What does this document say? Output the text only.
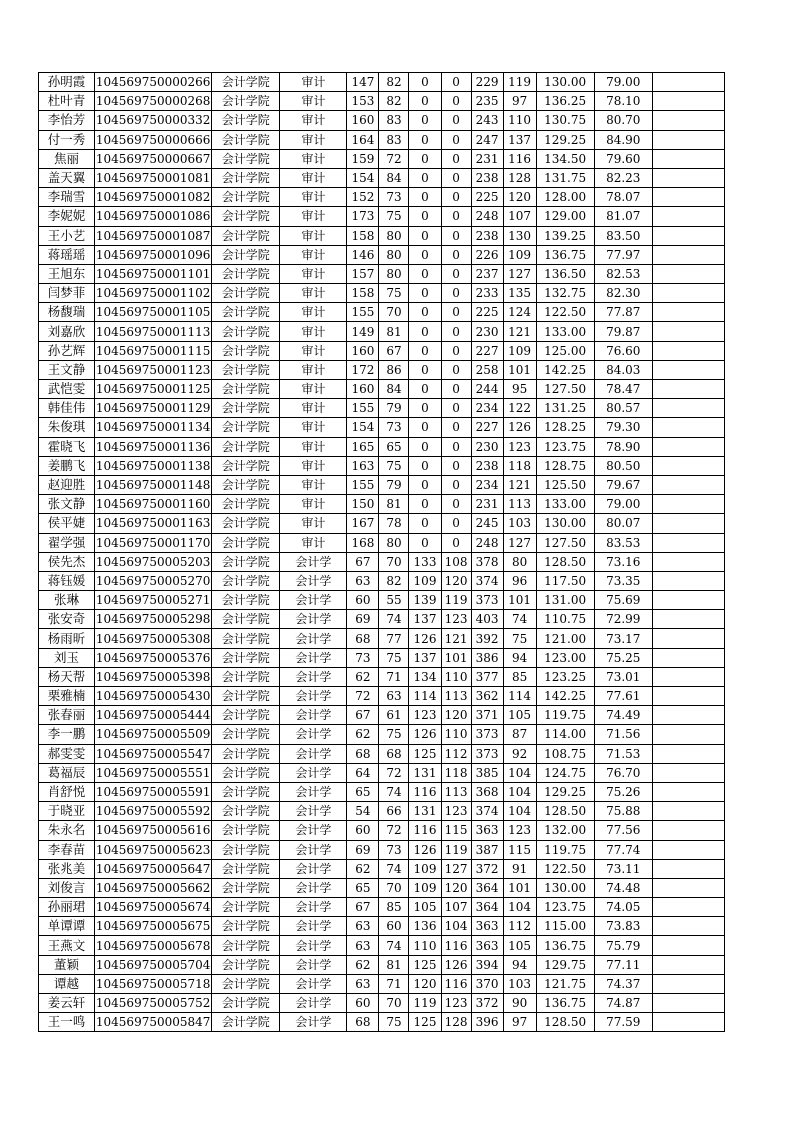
孙明霞	104569750000266	会计学院	审计	147	82	0	0	229	119	130.00	79.00	
杜叶青	104569750000268	会计学院	审计	153	82	0	0	235	97	136.25	78.10	
李怡芳	104569750000332	会计学院	审计	160	83	0	0	243	110	130.75	80.70	
付一秀	104569750000666	会计学院	审计	164	83	0	0	247	137	129.25	84.90	
焦丽	104569750000667	会计学院	审计	159	72	0	0	231	116	134.50	79.60	
盖天翼	104569750001081	会计学院	审计	154	84	0	0	238	128	131.75	82.23	
李瑞雪	104569750001082	会计学院	审计	152	73	0	0	225	120	128.00	78.07	
李妮妮	104569750001086	会计学院	审计	173	75	0	0	248	107	129.00	81.07	
王小艺	104569750001087	会计学院	审计	158	80	0	0	238	130	139.25	83.50	
蒋瑶瑶	104569750001096	会计学院	审计	146	80	0	0	226	109	136.75	77.97	
王旭东	104569750001101	会计学院	审计	157	80	0	0	237	127	136.50	82.53	
闫梦菲	104569750001102	会计学院	审计	158	75	0	0	233	135	132.75	82.30	
杨馥瑞	104569750001105	会计学院	审计	155	70	0	0	225	124	122.50	77.87	
刘嘉欣	104569750001113	会计学院	审计	149	81	0	0	230	121	133.00	79.87	
孙艺辉	104569750001115	会计学院	审计	160	67	0	0	227	109	125.00	76.60	
王文静	104569750001123	会计学院	审计	172	86	0	0	258	101	142.25	84.03	
武恺雯	104569750001125	会计学院	审计	160	84	0	0	244	95	127.50	78.47	
韩佳伟	104569750001129	会计学院	审计	155	79	0	0	234	122	131.25	80.57	
朱俊琪	104569750001134	会计学院	审计	154	73	0	0	227	126	128.25	79.30	
霍晓飞	104569750001136	会计学院	审计	165	65	0	0	230	123	123.75	78.90	
姜鹏飞	104569750001138	会计学院	审计	163	75	0	0	238	118	128.75	80.50	
赵迎胜	104569750001148	会计学院	审计	155	79	0	0	234	121	125.50	79.67	
张文静	104569750001160	会计学院	审计	150	81	0	0	231	113	133.00	79.00	
侯平婕	104569750001163	会计学院	审计	167	78	0	0	245	103	130.00	80.07	
翟学强	104569750001170	会计学院	审计	168	80	0	0	248	127	127.50	83.53	
侯先杰	104569750005203	会计学院	会计学	67	70	133	108	378	80	128.50	73.16	
蒋钰媛	104569750005270	会计学院	会计学	63	82	109	120	374	96	117.50	73.35	
张琳	104569750005271	会计学院	会计学	60	55	139	119	373	101	131.00	75.69	
张安奇	104569750005298	会计学院	会计学	69	74	137	123	403	74	110.75	72.99	
杨雨昕	104569750005308	会计学院	会计学	68	77	126	121	392	75	121.00	73.17	
刘玉	104569750005376	会计学院	会计学	73	75	137	101	386	94	123.00	75.25	
杨天帮	104569750005398	会计学院	会计学	62	71	134	110	377	85	123.25	73.01	
栗雅楠	104569750005430	会计学院	会计学	72	63	114	113	362	114	142.25	77.61	
张春丽	104569750005444	会计学院	会计学	67	61	123	120	371	105	119.75	74.49	
李一鹏	104569750005509	会计学院	会计学	62	75	126	110	373	87	114.00	71.56	
郝雯雯	104569750005547	会计学院	会计学	68	68	125	112	373	92	108.75	71.53	
葛福辰	104569750005551	会计学院	会计学	64	72	131	118	385	104	124.75	76.70	
肖舒悦	104569750005591	会计学院	会计学	65	74	116	113	368	104	129.25	75.26	
于晓亚	104569750005592	会计学院	会计学	54	66	131	123	374	104	128.50	75.88	
朱永名	104569750005616	会计学院	会计学	60	72	116	115	363	123	132.00	77.56	
李春苗	104569750005623	会计学院	会计学	69	73	126	119	387	115	119.75	77.74	
张兆美	104569750005647	会计学院	会计学	62	74	109	127	372	91	122.50	73.11	
刘俊言	104569750005662	会计学院	会计学	65	70	109	120	364	101	130.00	74.48	
孙丽珺	104569750005674	会计学院	会计学	67	85	105	107	364	104	123.75	74.05	
单谭谭	104569750005675	会计学院	会计学	63	60	136	104	363	112	115.00	73.83	
王燕文	104569750005678	会计学院	会计学	63	74	110	116	363	105	136.75	75.79	
董颖	104569750005704	会计学院	会计学	62	81	125	126	394	94	129.75	77.11	
谭越	104569750005718	会计学院	会计学	63	71	120	116	370	103	121.75	74.37	
姜云轩	104569750005752	会计学院	会计学	60	70	119	123	372	90	136.75	74.87	
王一鸣	104569750005847	会计学院	会计学	68	75	125	128	396	97	128.50	77.59	
